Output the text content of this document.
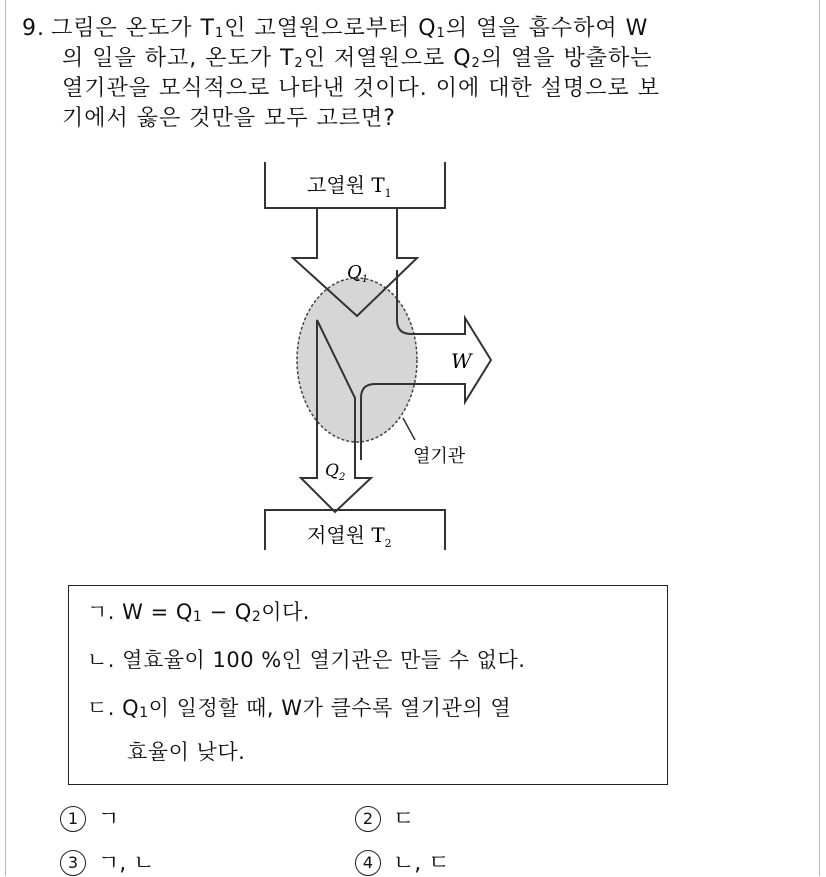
9. 그림은 온도가 $T_1$인 고열원으로부터 $Q_1$의 열을 흡수하여 W
의 일을 하고, 온도가 $T_2$인 저열원으로 $Q_2$의 열을 방출하는
열기관을 모식적으로 나타낸 것이다. 이에 대한 설명으로 보
기에서 옳은 것만을 모두 고르면?
고열원 $T_1$
$Q_1$
W
$Q_2$
열기관
저열원 $T_2$
ㄱ. $W = Q_1 - Q_2$이다.
ㄴ. 열효율이 100 %인 열기관은 만들 수 없다.
ㄷ. $Q_1$이 일정할 때, W가 클수록 열기관의 열
효율이 낮다.
1 ㄱ	2 ㄷ
3 ㄱ, ㄴ	4 ㄴ, ㄷ
